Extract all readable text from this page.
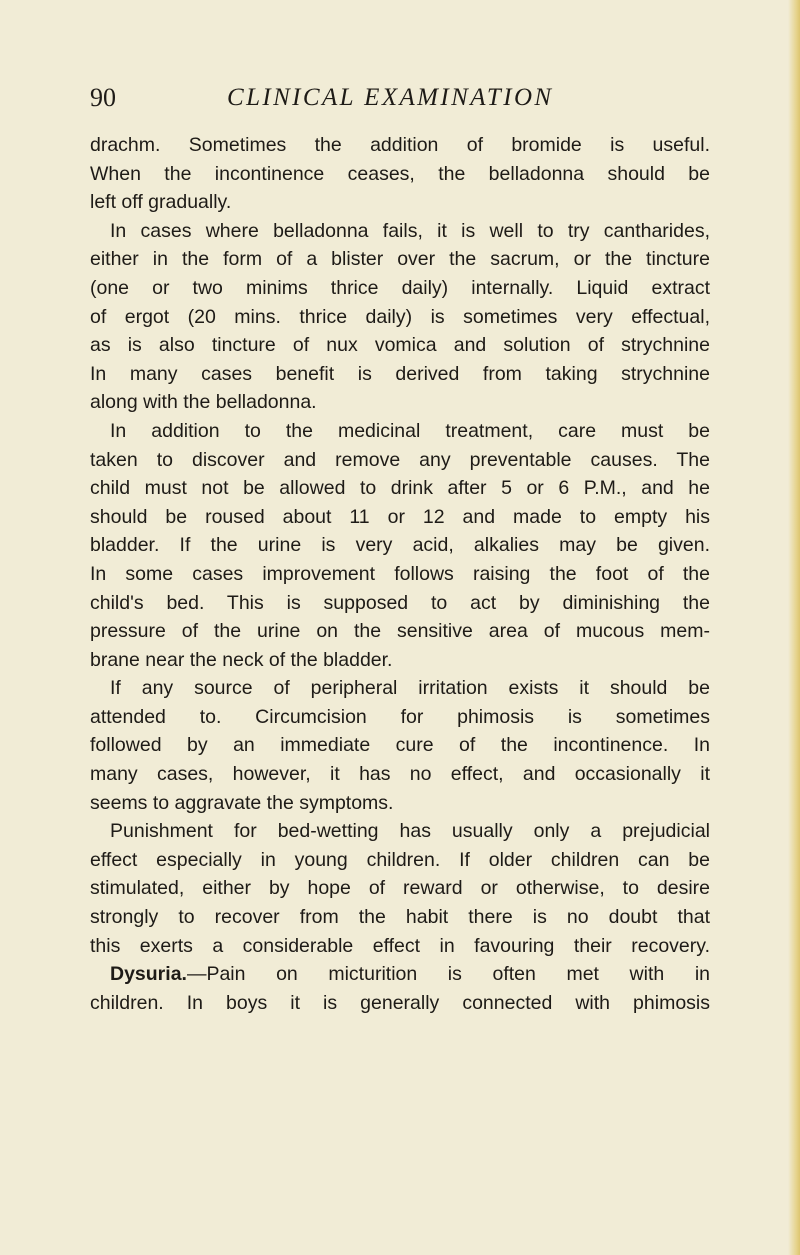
90	CLINICAL EXAMINATION
drachm. Sometimes the addition of bromide is useful.
When the incontinence ceases, the belladonna should be
left off gradually.
In cases where belladonna fails, it is well to try cantharides,
either in the form of a blister over the sacrum, or the tincture
(one or two minims thrice daily) internally. Liquid extract
of ergot (20 mins. thrice daily) is sometimes very effectual,
as is also tincture of nux vomica and solution of strychnine
In many cases benefit is derived from taking strychnine
along with the belladonna.
In addition to the medicinal treatment, care must be
taken to discover and remove any preventable causes. The
child must not be allowed to drink after 5 or 6 P.M., and he
should be roused about 11 or 12 and made to empty his
bladder. If the urine is very acid, alkalies may be given.
In some cases improvement follows raising the foot of the
child's bed. This is supposed to act by diminishing the
pressure of the urine on the sensitive area of mucous mem-
brane near the neck of the bladder.
If any source of peripheral irritation exists it should be
attended to. Circumcision for phimosis is sometimes
followed by an immediate cure of the incontinence. In
many cases, however, it has no effect, and occasionally it
seems to aggravate the symptoms.
Punishment for bed-wetting has usually only a prejudicial
effect especially in young children. If older children can be
stimulated, either by hope of reward or otherwise, to desire
strongly to recover from the habit there is no doubt that
this exerts a considerable effect in favouring their recovery.
Dysuria.—Pain on micturition is often met with in
children. In boys it is generally connected with phimosis
